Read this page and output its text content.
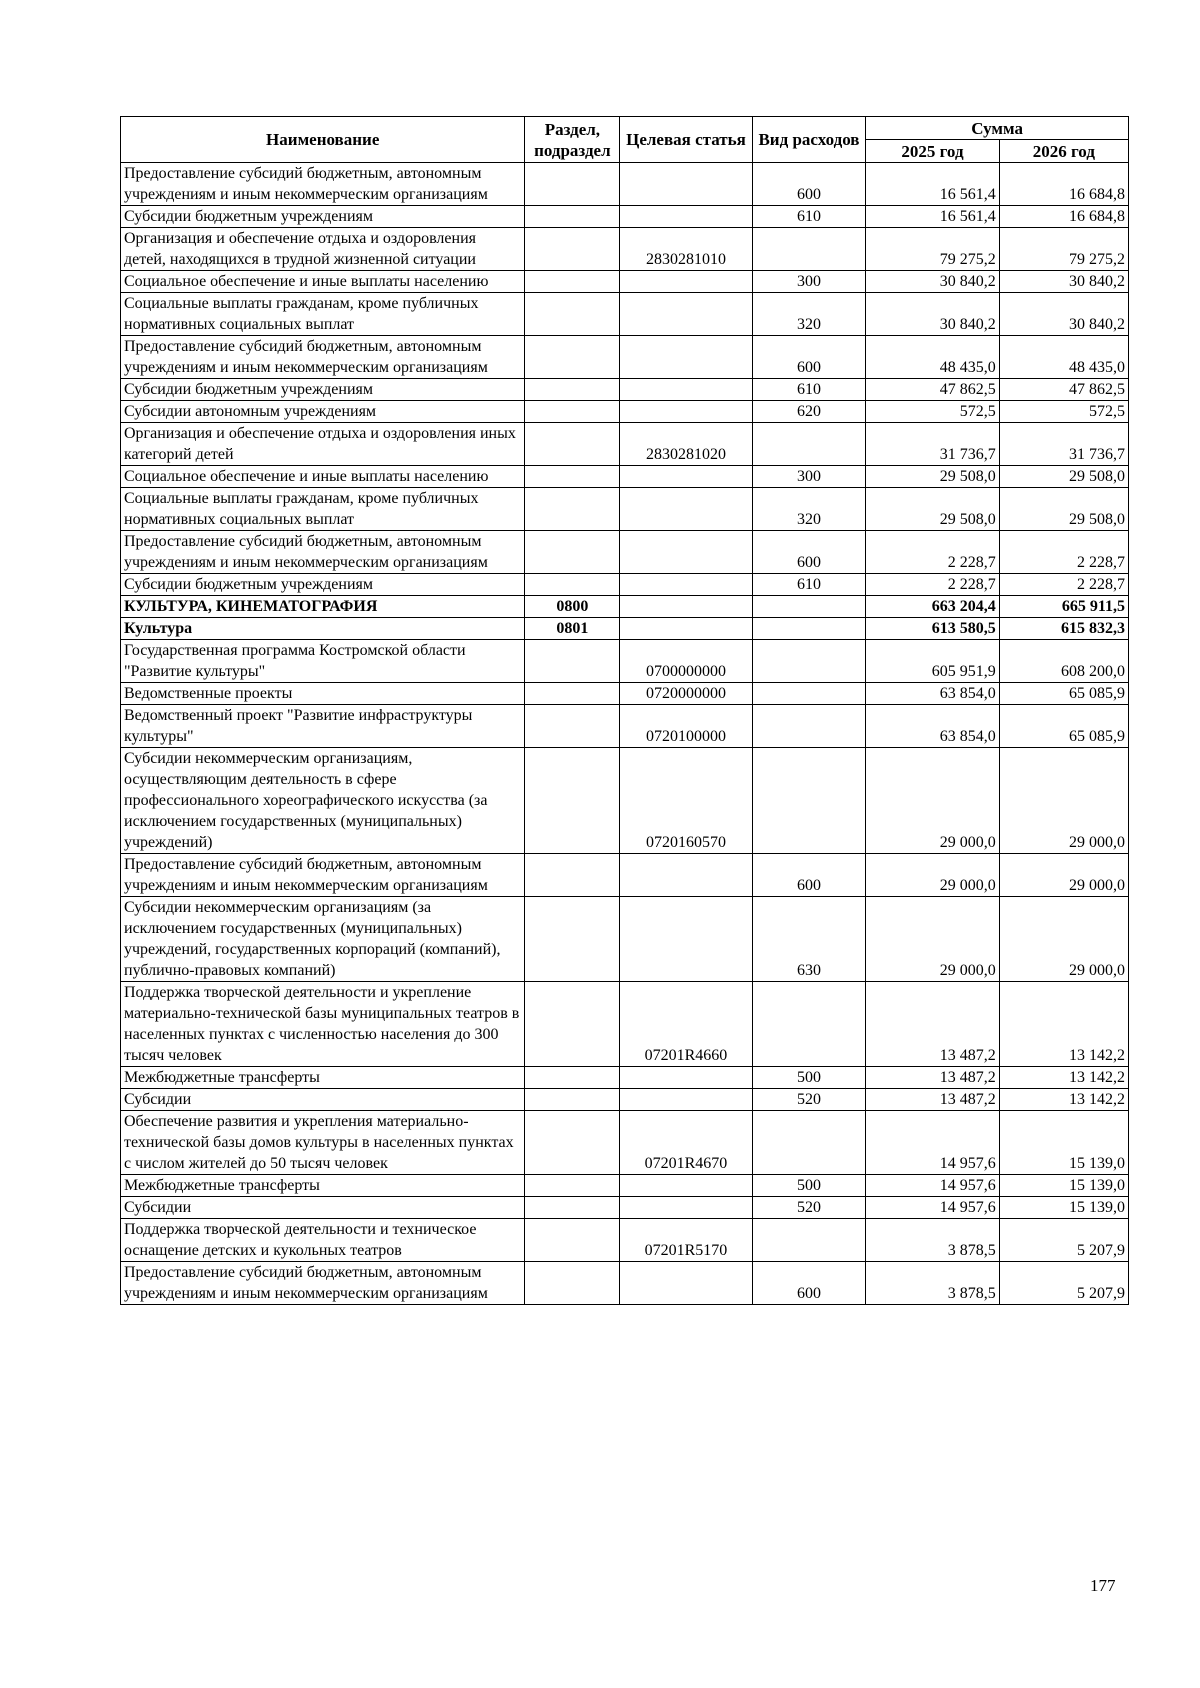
Наименование	Раздел, подраздел	Целевая статья	Вид расходов	Сумма	
				2025 год	2026 год
Предоставление субсидий бюджетным, автономным учреждениям и иным некоммерческим организациям			600	16 561,4	16 684,8
Субсидии бюджетным учреждениям			610	16 561,4	16 684,8
Организация и обеспечение отдыха и оздоровления детей, находящихся в трудной жизненной ситуации		2830281010		79 275,2	79 275,2
Социальное обеспечение и иные выплаты населению			300	30 840,2	30 840,2
Социальные выплаты гражданам, кроме публичных нормативных социальных выплат			320	30 840,2	30 840,2
Предоставление субсидий бюджетным, автономным учреждениям и иным некоммерческим организациям			600	48 435,0	48 435,0
Субсидии бюджетным учреждениям			610	47 862,5	47 862,5
Субсидии автономным учреждениям			620	572,5	572,5
Организация и обеспечение отдыха и оздоровления иных категорий детей		2830281020		31 736,7	31 736,7
Социальное обеспечение и иные выплаты населению			300	29 508,0	29 508,0
Социальные выплаты гражданам, кроме публичных нормативных социальных выплат			320	29 508,0	29 508,0
Предоставление субсидий бюджетным, автономным учреждениям и иным некоммерческим организациям			600	2 228,7	2 228,7
Субсидии бюджетным учреждениям			610	2 228,7	2 228,7
КУЛЬТУРА, КИНЕМАТОГРАФИЯ	0800			663 204,4	665 911,5
Культура	0801			613 580,5	615 832,3
Государственная программа Костромской области "Развитие культуры"		0700000000		605 951,9	608 200,0
Ведомственные проекты		0720000000		63 854,0	65 085,9
Ведомственный проект "Развитие инфраструктуры культуры"		0720100000		63 854,0	65 085,9
Субсидии некоммерческим организациям, осуществляющим деятельность в сфере профессионального хореографического искусства (за исключением государственных (муниципальных) учреждений)		0720160570		29 000,0	29 000,0
Предоставление субсидий бюджетным, автономным учреждениям и иным некоммерческим организациям			600	29 000,0	29 000,0
Субсидии некоммерческим организациям (за исключением государственных (муниципальных) учреждений, государственных корпораций (компаний), публично-правовых компаний)			630	29 000,0	29 000,0
Поддержка творческой деятельности и укрепление материально-технической базы муниципальных театров в населенных пунктах с численностью населения до 300 тысяч человек		07201R4660		13 487,2	13 142,2
Межбюджетные трансферты			500	13 487,2	13 142,2
Субсидии			520	13 487,2	13 142,2
Обеспечение развития и укрепления материально-технической базы домов культуры в населенных пунктах с числом жителей до 50 тысяч человек		07201R4670		14 957,6	15 139,0
Межбюджетные трансферты			500	14 957,6	15 139,0
Субсидии			520	14 957,6	15 139,0
Поддержка творческой деятельности и техническое оснащение детских и кукольных театров		07201R5170		3 878,5	5 207,9
Предоставление субсидий бюджетным, автономным учреждениям и иным некоммерческим организациям			600	3 878,5	5 207,9
177
